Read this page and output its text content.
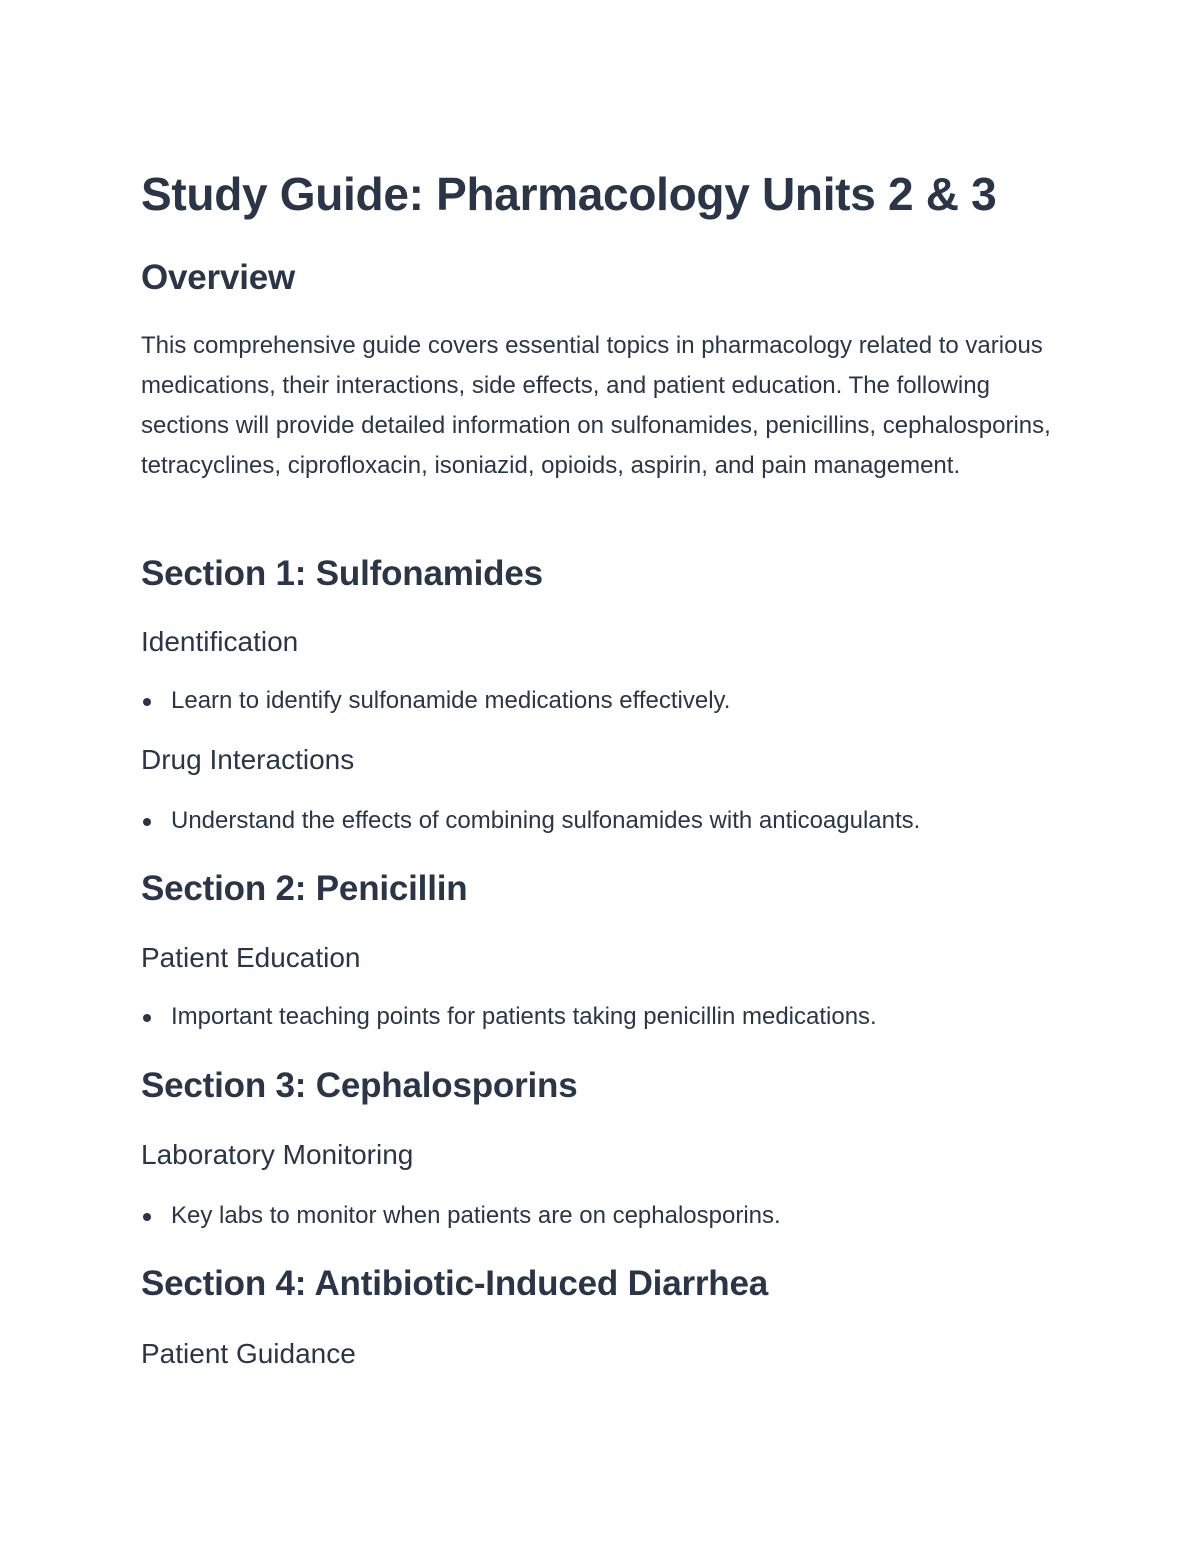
Study Guide: Pharmacology Units 2 & 3
Overview

This comprehensive guide covers essential topics in pharmacology related to various medications, their interactions, side effects, and patient education. The following sections will provide detailed information on sulfonamides, penicillins, cephalosporins, tetracyclines, ciprofloxacin, isoniazid, opioids, aspirin, and pain management.

Section 1: Sulfonamides
Identification
Learn to identify sulfonamide medications effectively.
Drug Interactions
Understand the effects of combining sulfonamides with anticoagulants.
Section 2: Penicillin
Patient Education
Important teaching points for patients taking penicillin medications.
Section 3: Cephalosporins
Laboratory Monitoring
Key labs to monitor when patients are on cephalosporins.
Section 4: Antibiotic-Induced Diarrhea
Patient Guidance
